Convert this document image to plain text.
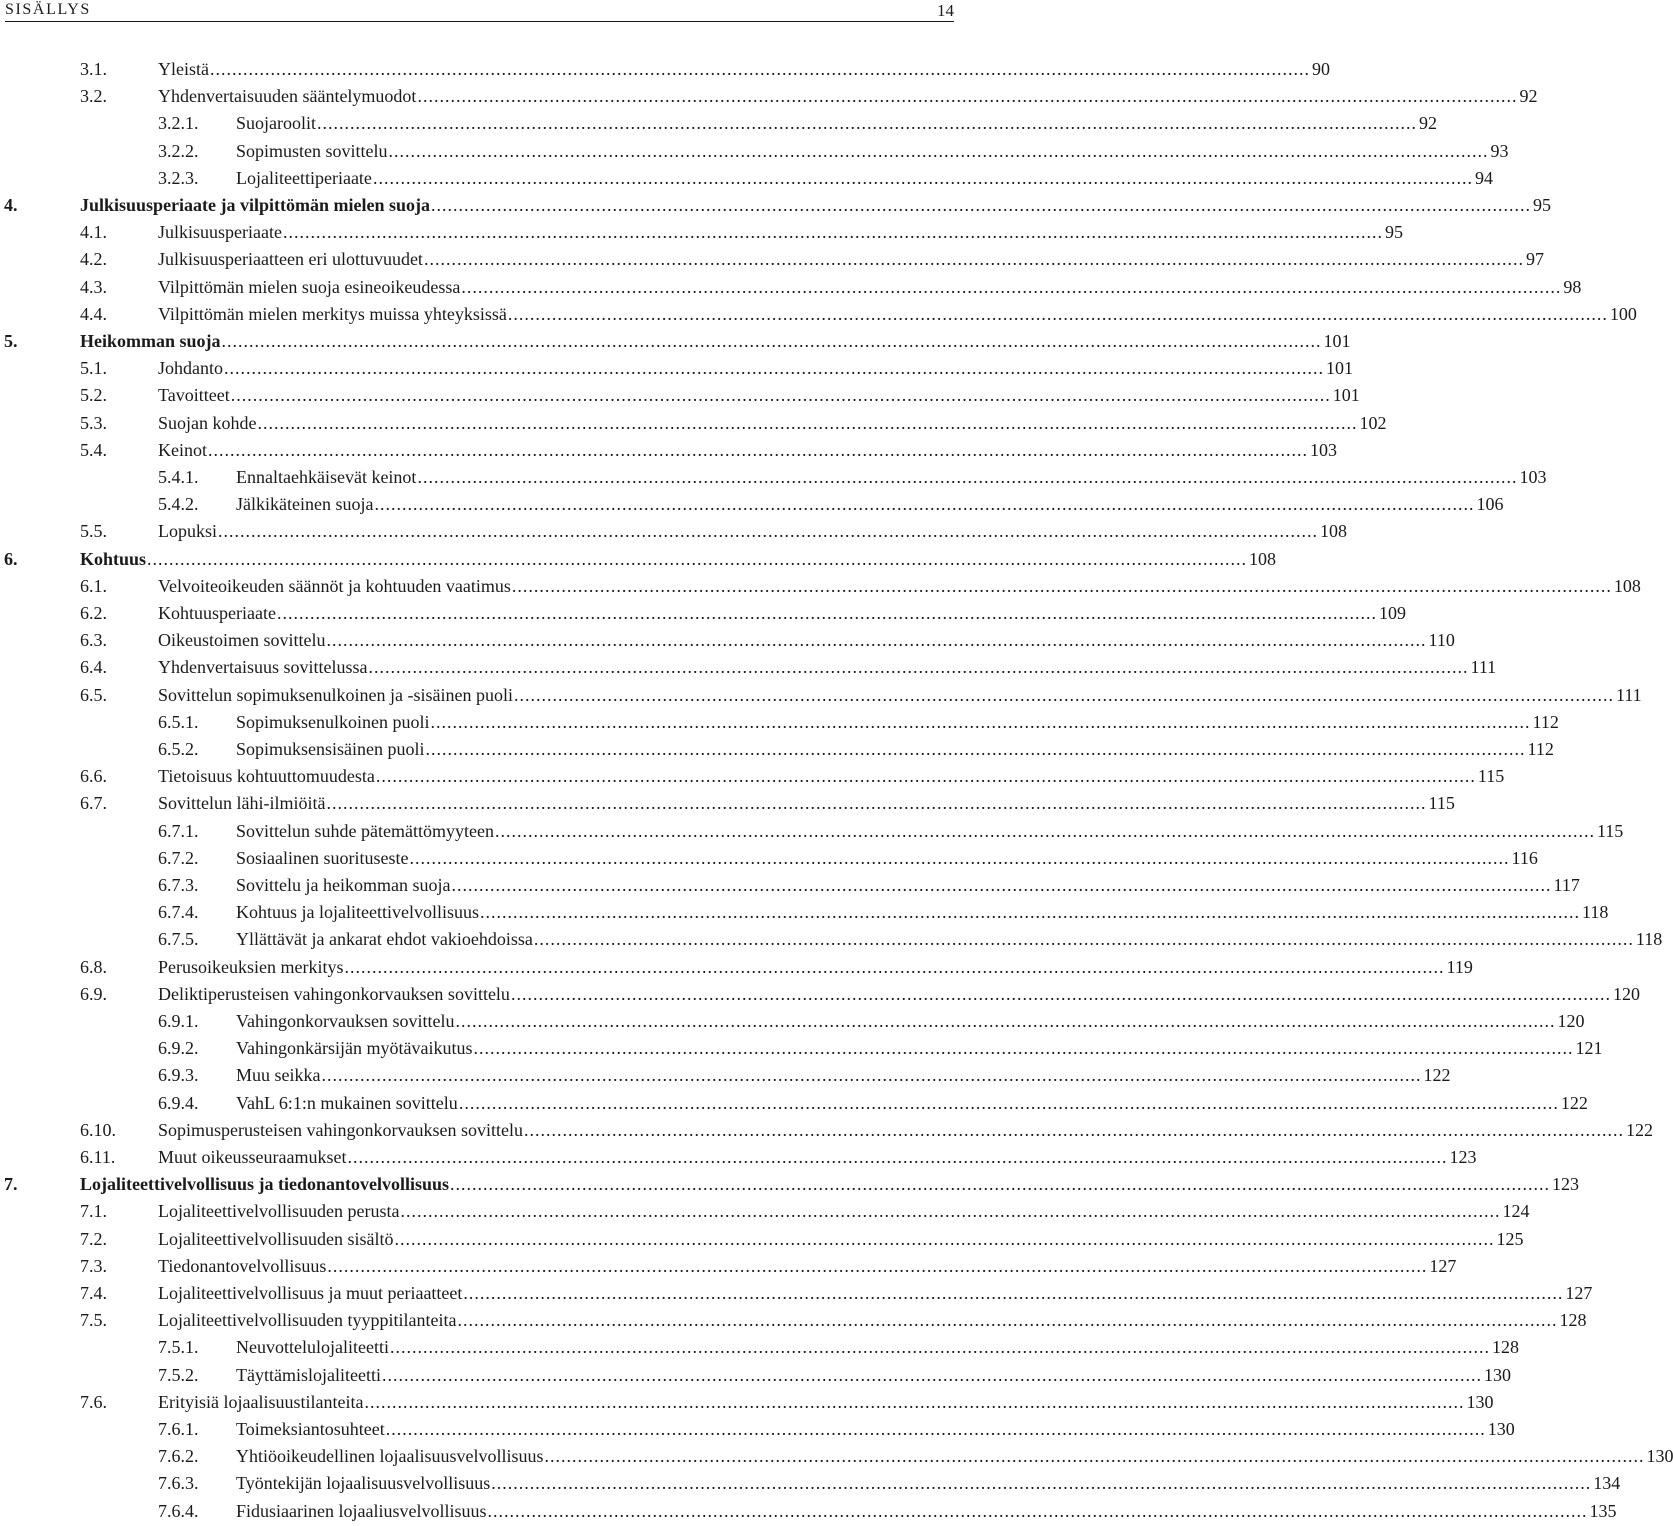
SISÄLLYS	14
3.1.	Yleistä ........................................................................................................................................................................................................ 90
3.2.	Yhdenvertaisuuden sääntelymuodot ........................................................................................................................................................................................................ 92
3.2.1. Suojaroolit ........................................................................................................................................................................................................ 92
3.2.2. Sopimusten sovittelu ........................................................................................................................................................................................................ 93
3.2.3. Lojaliteettiperiaate ........................................................................................................................................................................................................ 94
4.	Julkisuusperiaate ja vilpittömän mielen suoja ........................................................................................................................................................................................................ 95
4.1.	Julkisuusperiaate ........................................................................................................................................................................................................ 95
4.2.	Julkisuusperiaatteen eri ulottuvuudet ........................................................................................................................................................................................................ 97
4.3.	Vilpittömän mielen suoja esineoikeudessa ........................................................................................................................................................................................................ 98
4.4.	Vilpittömän mielen merkitys muissa yhteyksissä ........................................................................................................................................................................................................ 100
5.	Heikomman suoja ........................................................................................................................................................................................................ 101
5.1.	Johdanto ........................................................................................................................................................................................................ 101
5.2.	Tavoitteet ........................................................................................................................................................................................................ 101
5.3.	Suojan kohde ........................................................................................................................................................................................................ 102
5.4.	Keinot ........................................................................................................................................................................................................ 103
5.4.1. Ennaltaehkäisevät keinot ........................................................................................................................................................................................................ 103
5.4.2. Jälkikäteinen suoja ........................................................................................................................................................................................................ 106
5.5.	Lopuksi ........................................................................................................................................................................................................ 108
6.	Kohtuus ........................................................................................................................................................................................................ 108
6.1.	Velvoiteoikeuden säännöt ja kohtuuden vaatimus ........................................................................................................................................................................................................ 108
6.2.	Kohtuusperiaate ........................................................................................................................................................................................................ 109
6.3.	Oikeustoimen sovittelu ........................................................................................................................................................................................................ 110
6.4.	Yhdenvertaisuus sovittelussa ........................................................................................................................................................................................................ 111
6.5.	Sovittelun sopimuksenulkoinen ja -sisäinen puoli ........................................................................................................................................................................................................ 111
6.5.1. Sopimuksenulkoinen puoli ........................................................................................................................................................................................................ 112
6.5.2. Sopimuksensisäinen puoli ........................................................................................................................................................................................................ 112
6.6.	Tietoisuus kohtuuttomuudesta ........................................................................................................................................................................................................ 115
6.7.	Sovittelun lähi-ilmiöitä ........................................................................................................................................................................................................ 115
6.7.1. Sovittelun suhde pätemättömyyteen ........................................................................................................................................................................................................ 115
6.7.2. Sosiaalinen suorituseste ........................................................................................................................................................................................................ 116
6.7.3. Sovittelu ja heikomman suoja ........................................................................................................................................................................................................ 117
6.7.4. Kohtuus ja lojaliteettivelvollisuus ........................................................................................................................................................................................................ 118
6.7.5. Yllättävät ja ankarat ehdot vakioehdoissa ........................................................................................................................................................................................................ 118
6.8.	Perusoikeuksien merkitys ........................................................................................................................................................................................................ 119
6.9.	Deliktiperusteisen vahingonkorvauksen sovittelu ........................................................................................................................................................................................................ 120
6.9.1. Vahingonkorvauksen sovittelu ........................................................................................................................................................................................................ 120
6.9.2. Vahingonkärsijän myötävaikutus ........................................................................................................................................................................................................ 121
6.9.3. Muu seikka ........................................................................................................................................................................................................ 122
6.9.4. VahL 6:1:n mukainen sovittelu ........................................................................................................................................................................................................ 122
6.10. Sopimusperusteisen vahingonkorvauksen sovittelu ........................................................................................................................................................................................................ 122
6.11. Muut oikeusseuraamukset ........................................................................................................................................................................................................ 123
7.	Lojaliteettivelvollisuus ja tiedonantovelvollisuus ........................................................................................................................................................................................................ 123
7.1.	Lojaliteettivelvollisuuden perusta ........................................................................................................................................................................................................ 124
7.2.	Lojaliteettivelvollisuuden sisältö ........................................................................................................................................................................................................ 125
7.3.	Tiedonantovelvollisuus ........................................................................................................................................................................................................ 127
7.4.	Lojaliteettivelvollisuus ja muut periaatteet ........................................................................................................................................................................................................ 127
7.5.	Lojaliteettivelvollisuuden tyyppitilanteita ........................................................................................................................................................................................................ 128
7.5.1. Neuvottelulojaliteetti ........................................................................................................................................................................................................ 128
7.5.2. Täyttämislojaliteetti ........................................................................................................................................................................................................ 130
7.6.	Erityisiä lojaalisuustilanteita ........................................................................................................................................................................................................ 130
7.6.1. Toimeksiantosuhteet ........................................................................................................................................................................................................ 130
7.6.2. Yhtiöoikeudellinen lojaalisuusvelvollisuus ........................................................................................................................................................................................................ 130
7.6.3. Työntekijän lojaalisuusvelvollisuus ........................................................................................................................................................................................................ 134
7.6.4. Fidusiaarinen lojaaliusvelvollisuus ........................................................................................................................................................................................................ 135
